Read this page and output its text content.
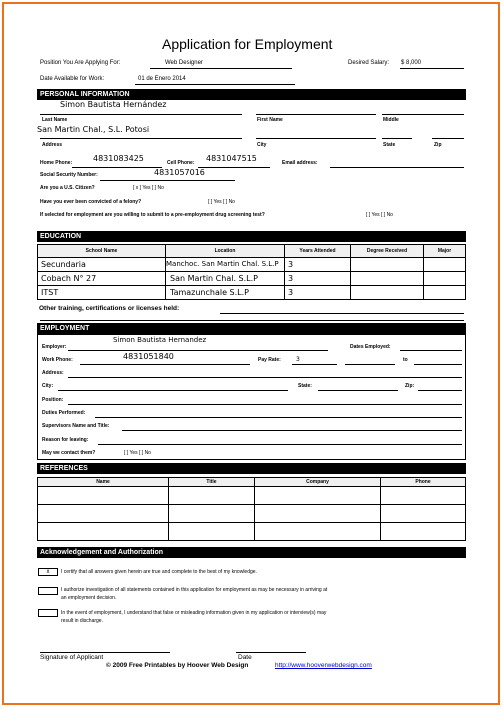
Application for Employment
Position You Are Applying For:	Web Designer	Desired Salary: $ 8,000
Date Available for Work:	01 de Enero 2014
PERSONAL INFORMATION
Simon Bautista Hernández
Last Name	First Name	Middle
San Martin Chal., S.L. Potosi
Address	City	State	Zip
Home Phone:	4831083425	Cell Phone: 4831047515	Email address:
Social Security Number:	4831057016
Are you a U.S. Citizen?	[ x ] Yes [ ] No
Have you ever been convicted of a felony?	[ ] Yes [ ] No
If selected for employment are you willing to submit to a pre-employment drug screening test?	[ ] Yes [ ] No
EDUCATION
School Name	Location	Years Attended	Degree Received	Major
Secundaria	Manchoc. San Martin Chal. S.L.P	3		
Cobach N° 27	San Martin Chal. S.L.P	3		
ITST	Tamazunchale S.L.P	3		
Other training, certifications or licenses held:
EMPLOYMENT
Simon Bautista Hernandez
Employer:	Dates Employed:
Work Phone:	4831051840	Pay Rate:	3	to
Address:
City:	State:	Zip:
Position:
Duties Performed:
Supervisors Name and Title:
Reason for leaving:
May we contact them?	[ ] Yes [ ] No
REFERENCES
Name	Title	Company	Phone

Acknowledgement and Authorization
x	I certify that all answers given herein are true and complete to the best of my knowledge.
I authorize investigation of all statements contained in this application for employment as may be necessary in arriving at
an employment decision.
In the event of employment, I understand that false or misleading information given in my application or interview(s) may
result in discharge.
Signature of Applicant	Date
© 2009 Free Printables by Hoover Web Design	http://www.hooverwebdesign.com
